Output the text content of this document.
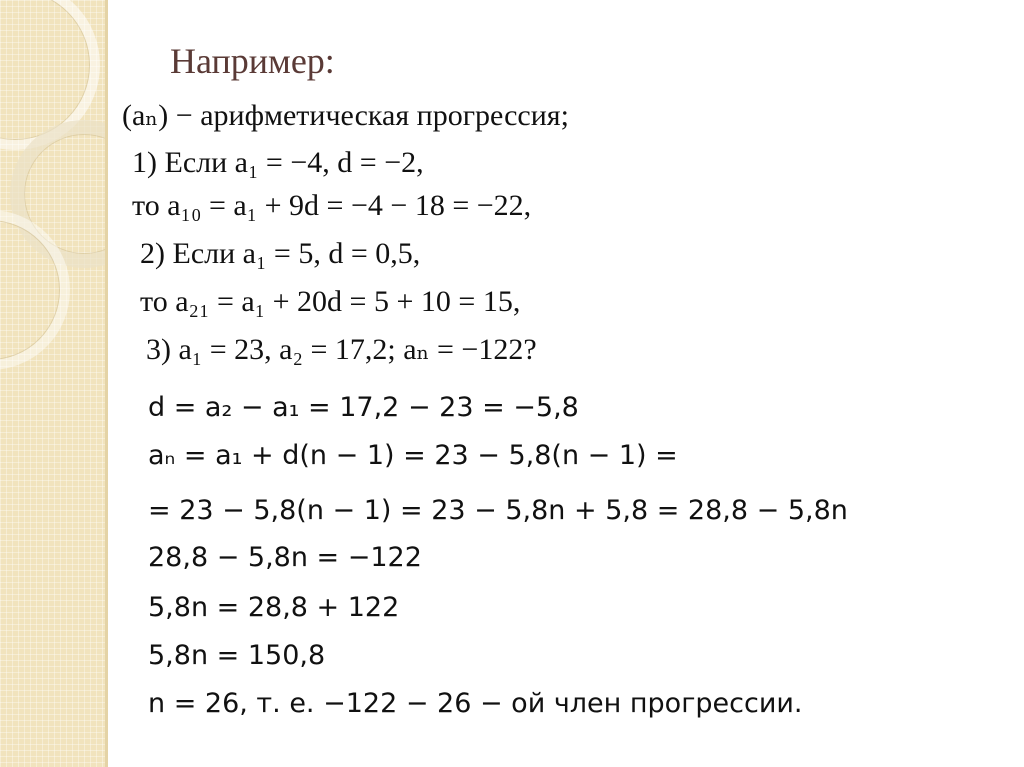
Например:
(aₙ) − арифметическая прогрессия;
1) Если a₁ = −4, d = −2,
то a₁₀ = a₁ + 9d = −4 − 18 = −22,
2) Если a₁ = 5, d = 0,5,
то a₂₁ = a₁ + 20d = 5 + 10 = 15,
3) a₁ = 23, a₂ = 17,2; aₙ = −122?
d = a₂ − a₁ = 17,2 − 23 = −5,8
aₙ = a₁ + d(n − 1) = 23 − 5,8(n − 1) =
= 23 − 5,8(n − 1) = 23 − 5,8n + 5,8 = 28,8 − 5,8n
28,8 − 5,8n = −122
5,8n = 28,8 + 122
5,8n = 150,8
n = 26, т. е. −122 − 26 − ой член прогрессии.
